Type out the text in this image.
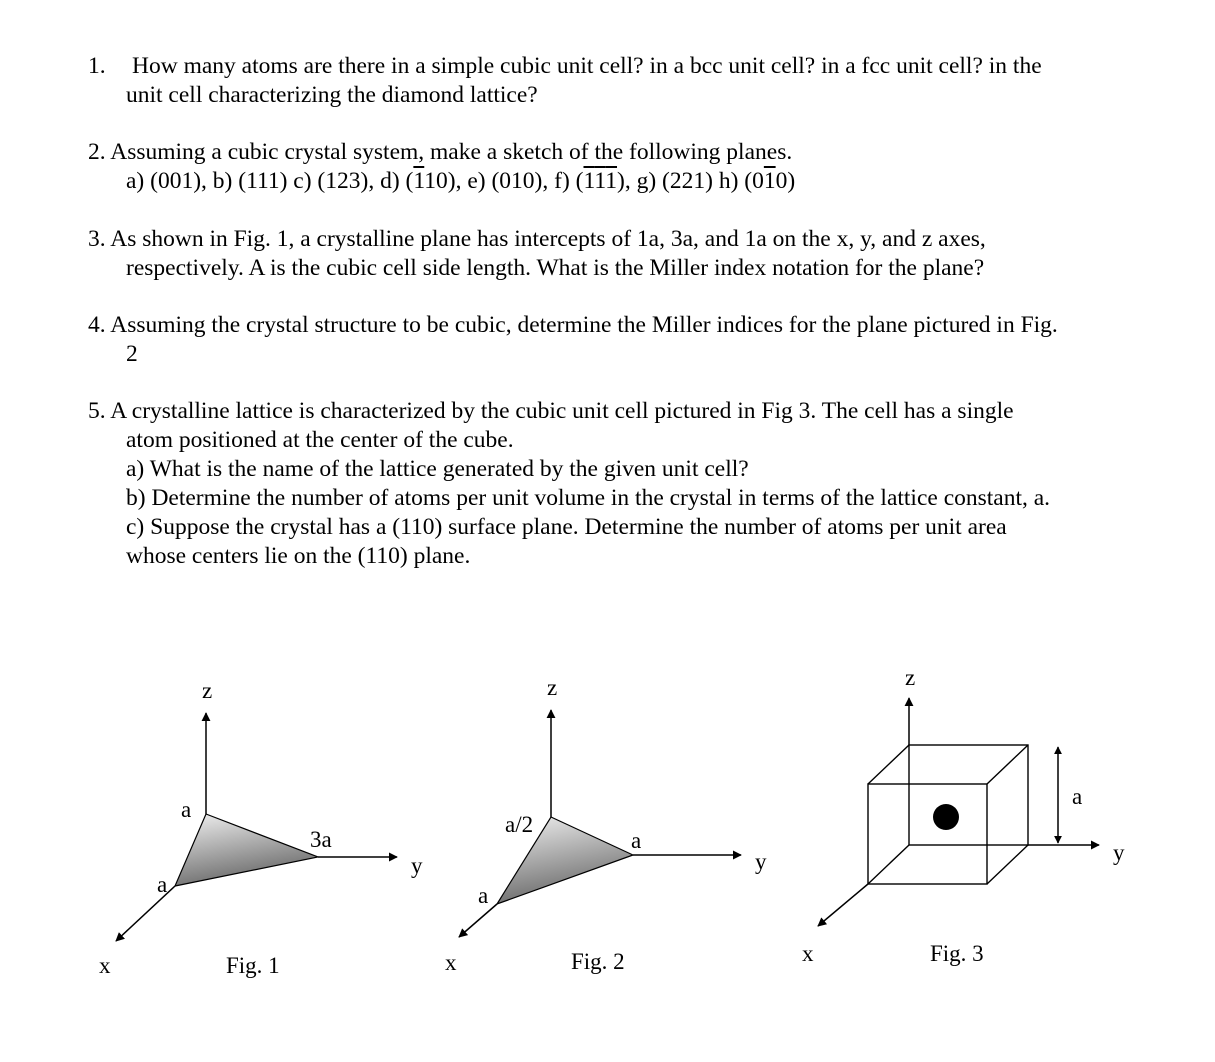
1. How many atoms are there in a simple cubic unit cell? in a bcc unit cell? in a fcc unit cell? in the

unit cell characterizing the diamond lattice?

2. Assuming a cubic crystal system, make a sketch of the following planes.

a) (001), b) (111) c) (123), d) (110), e) (010), f) (111), g) (221) h) (010)

3. As shown in Fig. 1, a crystalline plane has intercepts of 1a, 3a, and 1a on the x, y, and z axes,

respectively. A is the cubic cell side length. What is the Miller index notation for the plane?

4. Assuming the crystal structure to be cubic, determine the Miller indices for the plane pictured in Fig.

2

5. A crystalline lattice is characterized by the cubic unit cell pictured in Fig 3. The cell has a single

atom positioned at the center of the cube.

a) What is the name of the lattice generated by the given unit cell?

b) Determine the number of atoms per unit volume in the crystal in terms of the lattice constant, a.

c) Suppose the crystal has a (110) surface plane. Determine the number of atoms per unit area

whose centers lie on the (110) plane.

z
y
x
a
a
3a
Fig. 1
z
y
x
a/2
a
a
Fig. 2
a
z
y
x	Fig. 3
